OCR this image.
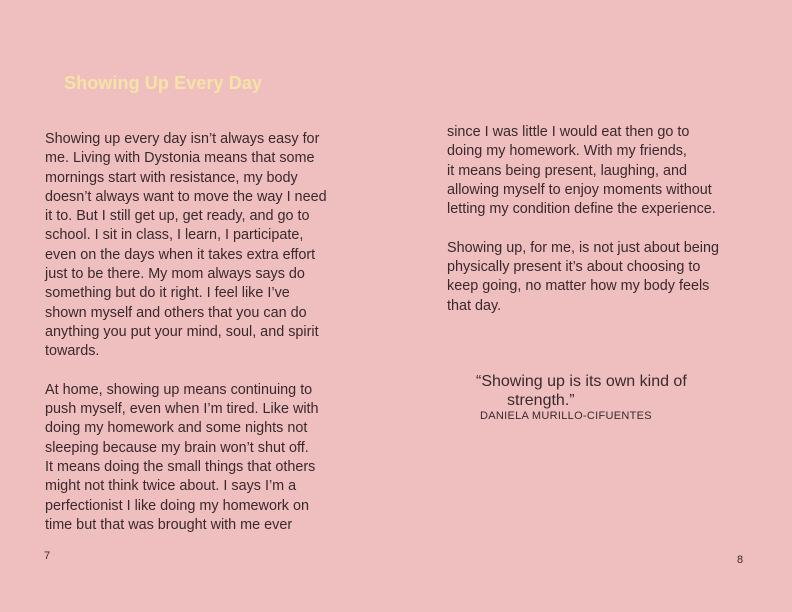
Showing Up Every Day

Showing up every day isn’t always easy for

me. Living with Dystonia means that some

mornings start with resistance, my body

doesn’t always want to move the way I need

it to. But I still get up, get ready, and go to

school. I sit in class, I learn, I participate,

even on the days when it takes extra effort

just to be there. My mom always says do

something but do it right. I feel like I’ve

shown myself and others that you can do

anything you put your mind, soul, and spirit

towards.

At home, showing up means continuing to

push myself, even when I’m tired. Like with

doing my homework and some nights not

sleeping because my brain won’t shut off.

It means doing the small things that others

might not think twice about. I says I’m a

perfectionist I like doing my homework on

time but that was brought with me ever

since I was little I would eat then go to

doing my homework. With my friends,

it means being present, laughing, and

allowing myself to enjoy moments without

letting my condition define the experience.

Showing up, for me, is not just about being

physically present it’s about choosing to

keep going, no matter how my body feels

that day.

“Showing up is its own kind of

strength.”

DANIELA MURILLO-CIFUENTES
7	8
